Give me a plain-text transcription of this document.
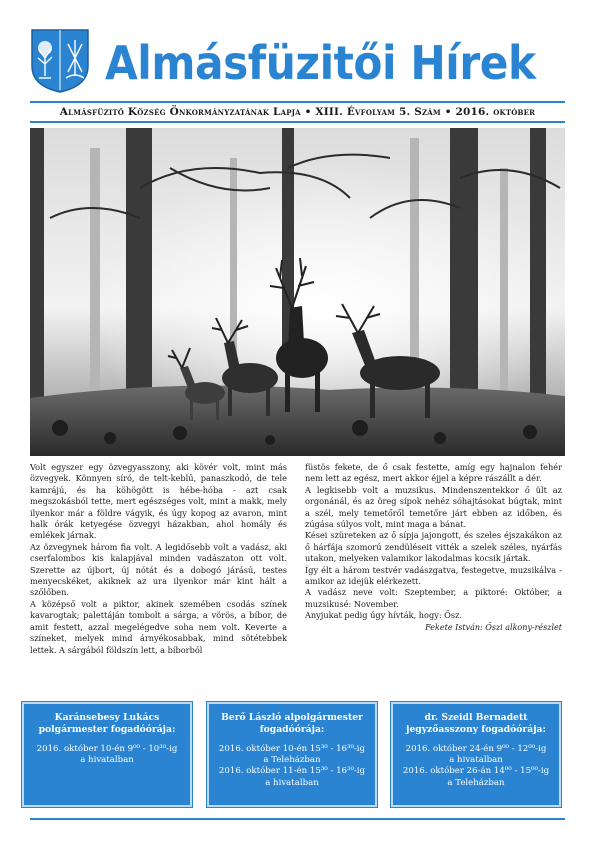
Almásfüzitői Hírek
Almásfüzitő Község Önkormányzatának Lapja • XIII. Évfolyam 5. Szám • 2016. október

Volt egyszer egy özvegyasszony, aki kövér volt, mint más özvegyek. Könnyen síró, de telt-keblű, panaszkodó, de tele kamrájú, és ha köhögött is hébe-hóba - azt csak megszokásból tette, mert egészséges volt, mint a makk, mely ilyenkor már a földre vágyik, és úgy kopog az avaron, mint halk órák ketyegése özvegyi házakban, ahol homály és emlékek járnak.

Az özvegynek három fia volt. A legidősebb volt a vadász, aki cserfalombos kis kalapjával minden vadászaton ott volt. Szerette az újbort, új nótát és a dobogó járású, testes menyecskéket, akiknek az ura ilyenkor már kint hált a szőlőben.

A középső volt a piktor, akinek szemében csodás színek kavarogtak; palettáján tombolt a sárga, a vörös, a bíbor, de amit festett, azzal megelégedve soha nem volt. Keverte a színeket, melyek mind árnyékosabbak, mind sötétebbek lettek. A sárgából földszín lett, a bíborból

füstös fekete, de ő csak festette, amíg egy hajnalon fehér nem lett az egész, mert akkor éjjel a képre rászállt a dér.

A legkisebb volt a muzsikus. Mindenszentekkor ő ült az orgonánál, és az öreg sípok nehéz sóhajtásokat búgtak, mint a szél, mely temetőről temetőre járt ebben az időben, és zúgása súlyos volt, mint maga a bánat.

Kései szüreteken az ő sípja jajongott, és szeles éjszakákon az ő hárfája szomorú zendüléseit vitték a szelek széles, nyárfás utakon, melyeken valamikor lakodalmas kocsik jártak.

Így élt a három testvér vadászgatva, festegetve, muzsikálva - amikor az idejük elérkezett.

A vadász neve volt: Szeptember, a piktoré: Október, a muzsikusé: November.

Anyjukat pedig úgy hívták, hogy: Ősz.

Fekete István: Őszi alkony-részlet

Karánsebesy Lukács polgármester fogadóórája:

2016. október 10-én 9⁰⁰ - 10³⁰-ig

a hivatalban

Berő László alpolgármester fogadóórája:

2016. október 10-én 15³⁰ - 16³⁰-ig

a Teleházban

2016. október 11-én 15³⁰ - 16³⁰-ig

a hivatalban

dr. Szeidl Bernadett jegyzőasszony fogadóórája:

2016. október 24-én 9⁰⁰ - 12⁰⁰-ig

a hivatalban

2016. október 26-án 14⁰⁰ - 15⁰⁰-ig

a Teleházban
